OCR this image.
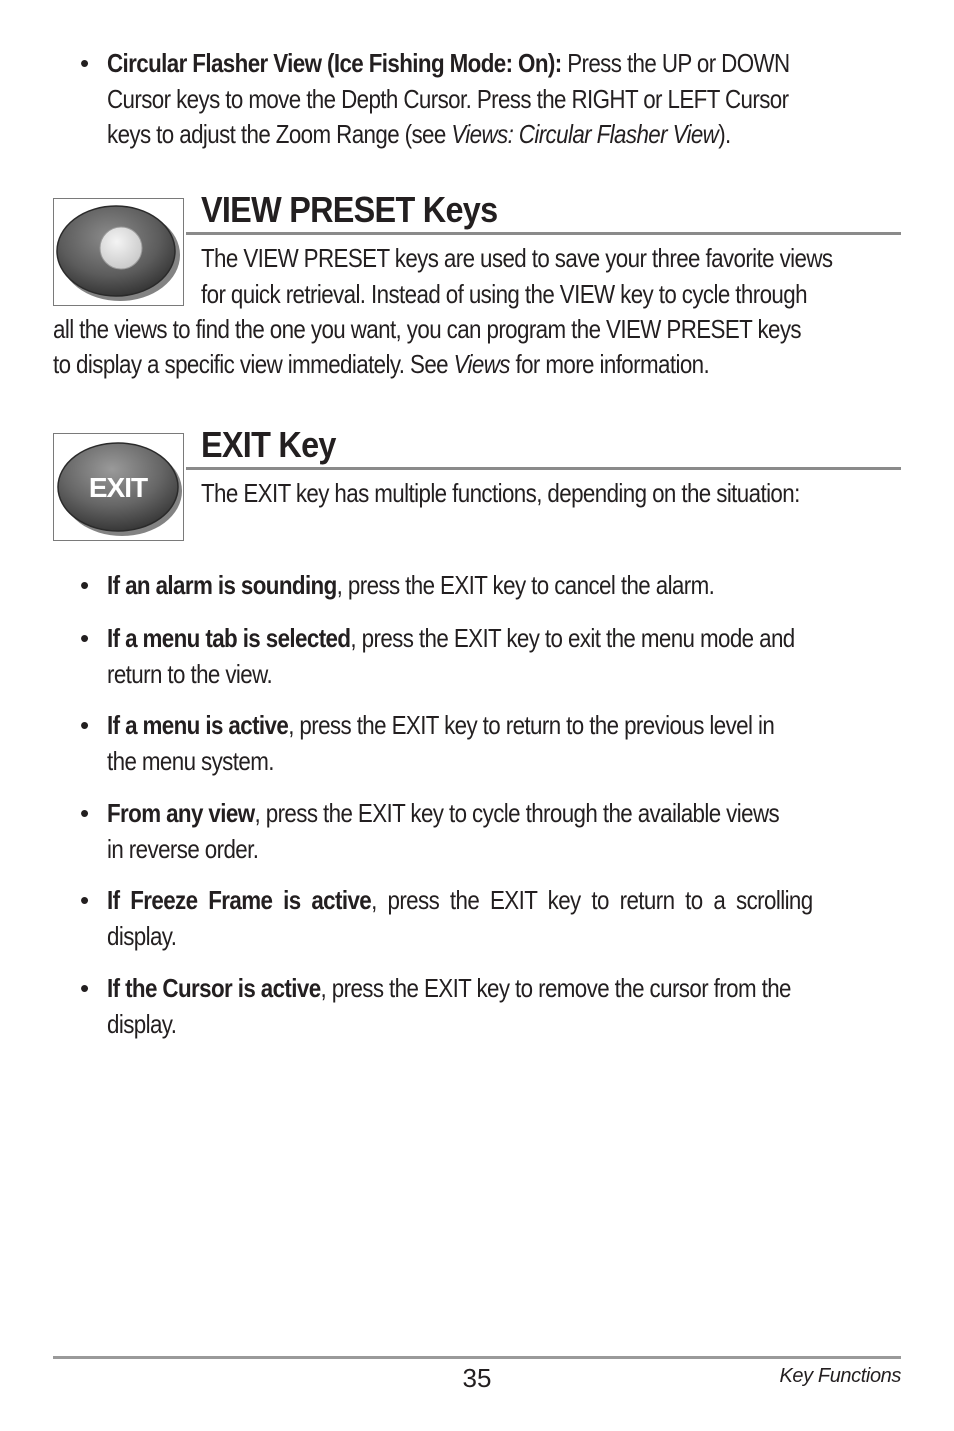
• Circular Flasher View (Ice Fishing Mode: On): Press the UP or DOWN
Cursor keys to move the Depth Cursor. Press the RIGHT or LEFT Cursor
keys to adjust the Zoom Range (see Views: Circular Flasher View).
VIEW PRESET Keys
The VIEW PRESET keys are used to save your three favorite views
for quick retrieval. Instead of using the VIEW key to cycle through
all the views to find the one you want, you can program the VIEW PRESET keys
to display a specific view immediately. See Views for more information.
EXIT
EXIT Key
The EXIT key has multiple functions, depending on the situation:
• If an alarm is sounding, press the EXIT key to cancel the alarm.
• If a menu tab is selected, press the EXIT key to exit the menu mode and
return to the view.
• If a menu is active, press the EXIT key to return to the previous level in
the menu system.
• From any view, press the EXIT key to cycle through the available views
in reverse order.
• If Freeze Frame is active, press the EXIT key to return to a scrolling
display.
• If the Cursor is active, press the EXIT key to remove the cursor from the
display.
35	Key Functions
